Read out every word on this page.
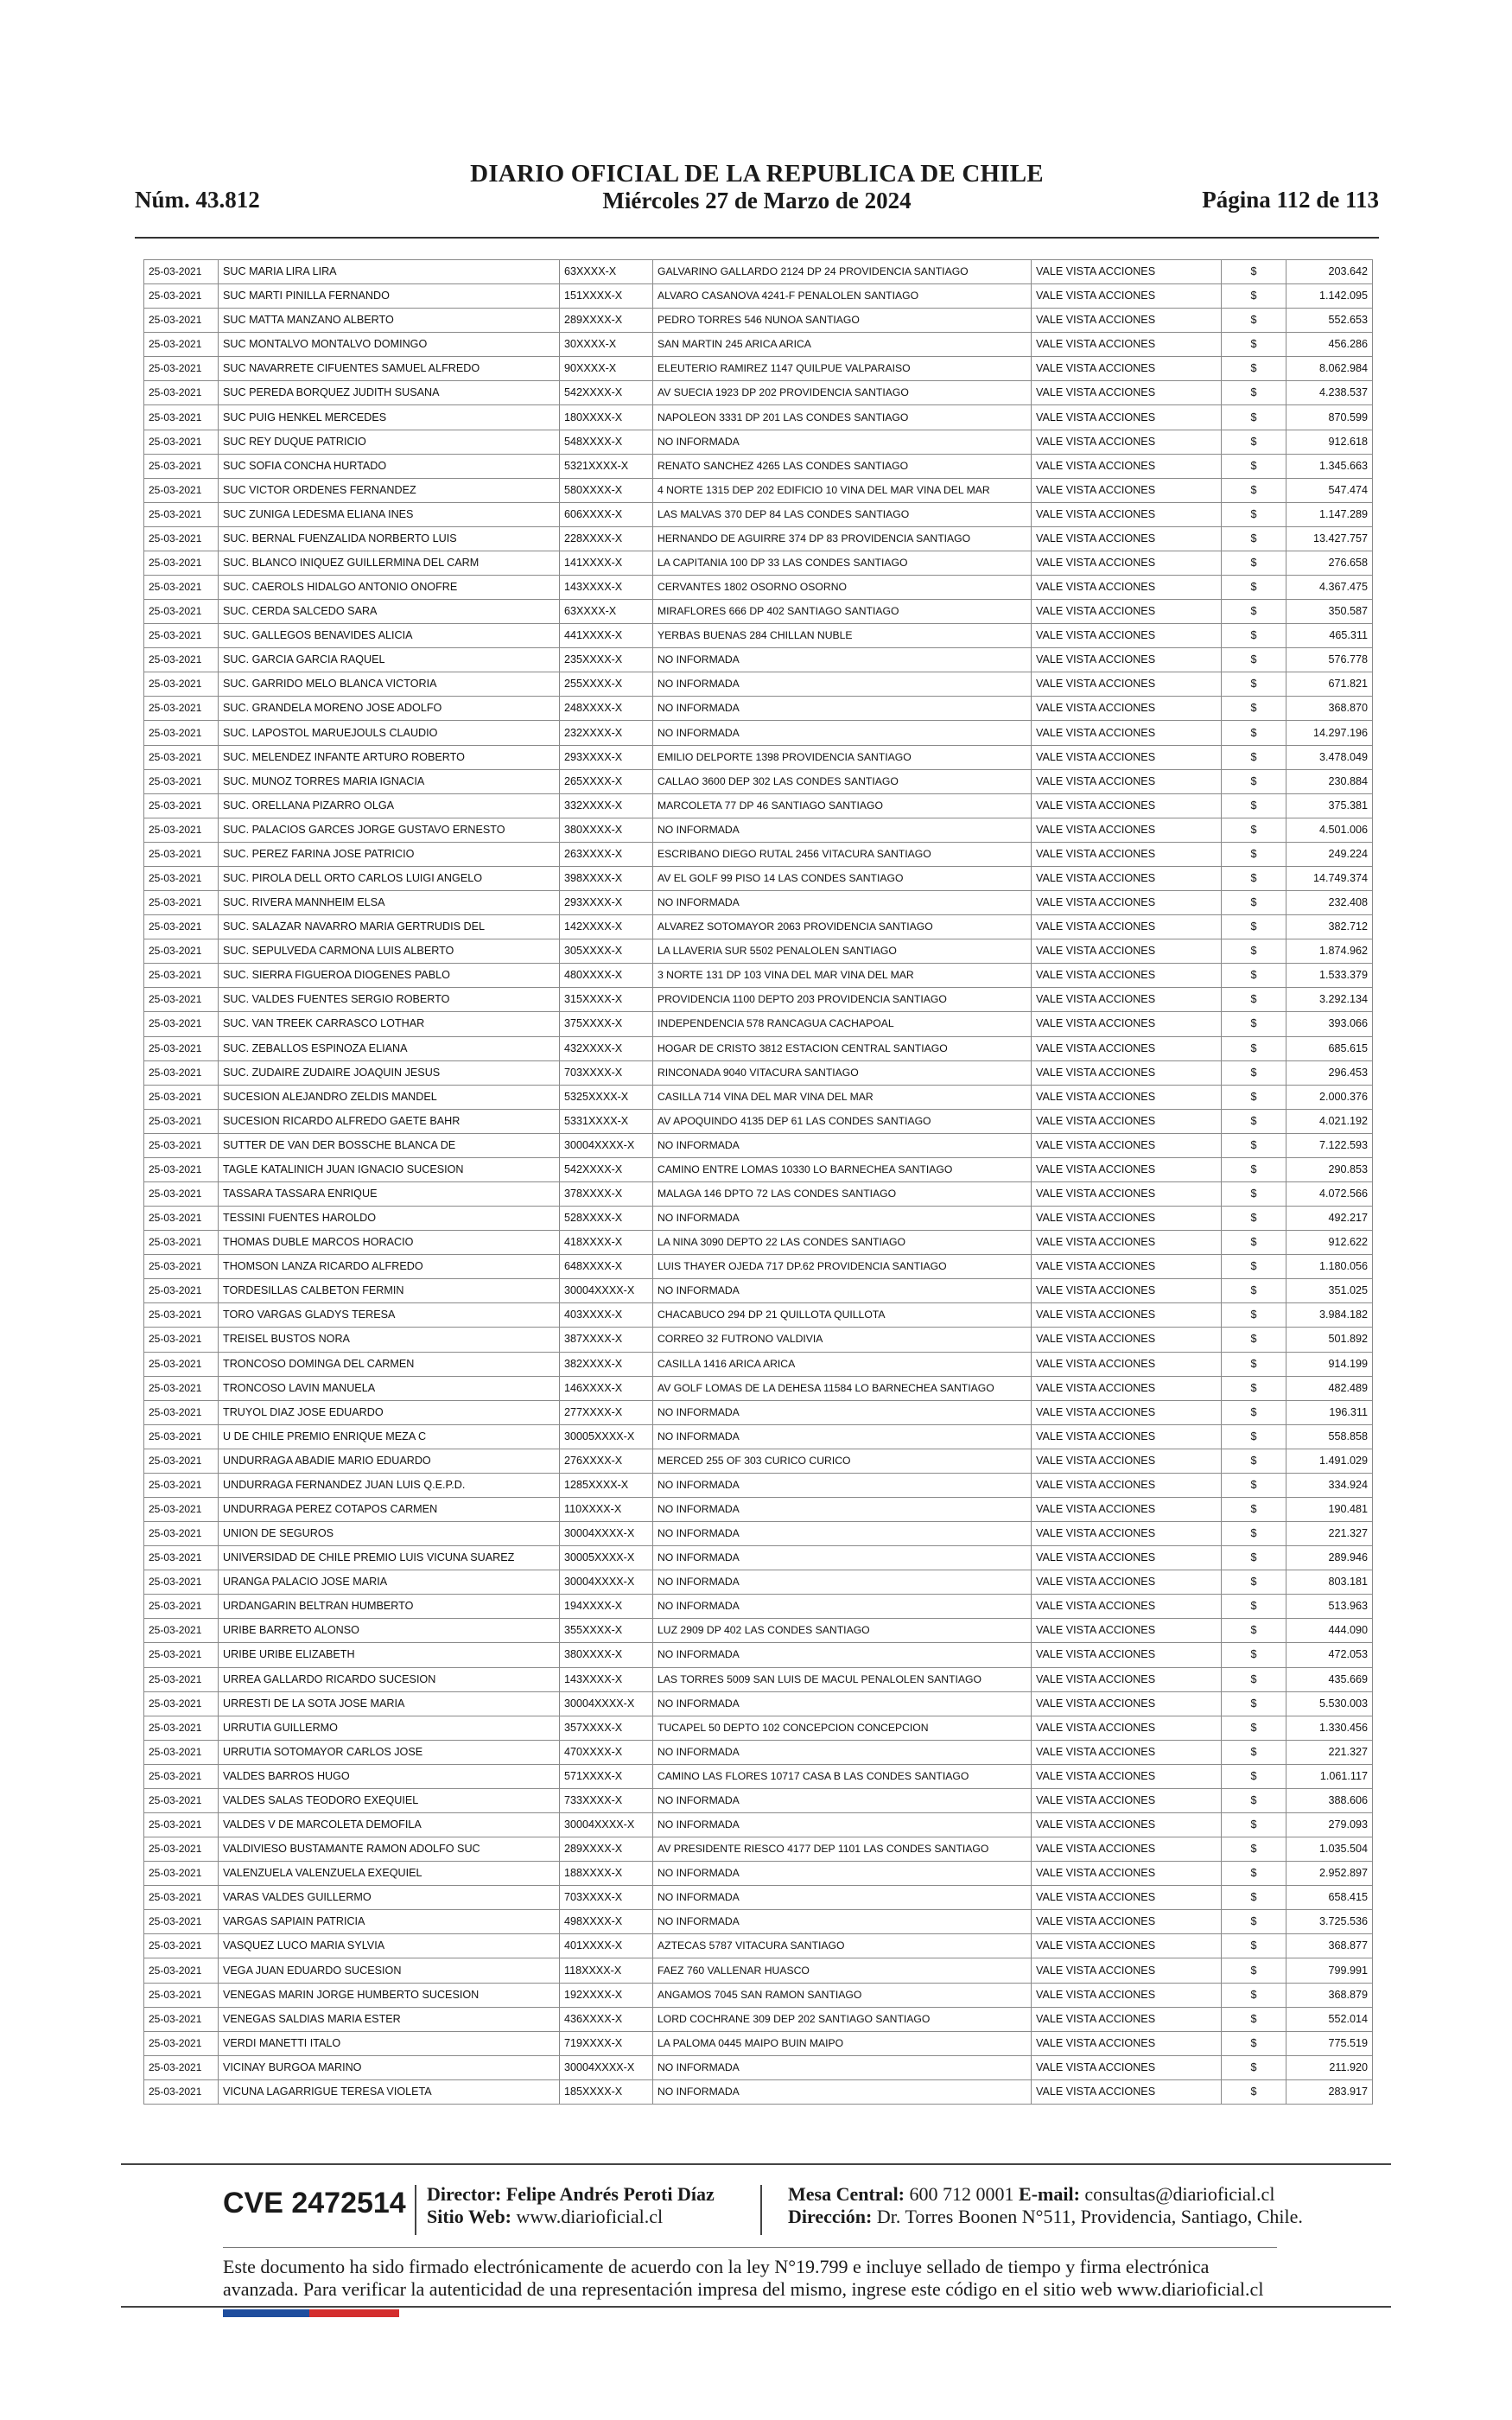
Núm. 43.812
DIARIO OFICIAL DE LA REPUBLICA DE CHILE
Miércoles 27 de Marzo de 2024	Página 112 de 113
25-03-2021	SUC MARIA LIRA LIRA	63XXXX-X	GALVARINO GALLARDO 2124 DP 24 PROVIDENCIA SANTIAGO	VALE VISTA ACCIONES	$	203.642
25-03-2021	SUC MARTI PINILLA FERNANDO	151XXXX-X	ALVARO CASANOVA 4241-F PENALOLEN SANTIAGO	VALE VISTA ACCIONES	$	1.142.095
25-03-2021	SUC MATTA MANZANO ALBERTO	289XXXX-X	PEDRO TORRES 546 NUNOA SANTIAGO	VALE VISTA ACCIONES	$	552.653
25-03-2021	SUC MONTALVO MONTALVO DOMINGO	30XXXX-X	SAN MARTIN 245 ARICA ARICA	VALE VISTA ACCIONES	$	456.286
25-03-2021	SUC NAVARRETE CIFUENTES SAMUEL ALFREDO	90XXXX-X	ELEUTERIO RAMIREZ 1147 QUILPUE VALPARAISO	VALE VISTA ACCIONES	$	8.062.984
25-03-2021	SUC PEREDA BORQUEZ JUDITH SUSANA	542XXXX-X	AV SUECIA 1923 DP 202 PROVIDENCIA SANTIAGO	VALE VISTA ACCIONES	$	4.238.537
25-03-2021	SUC PUIG HENKEL MERCEDES	180XXXX-X	NAPOLEON 3331 DP 201 LAS CONDES SANTIAGO	VALE VISTA ACCIONES	$	870.599
25-03-2021	SUC REY DUQUE PATRICIO	548XXXX-X	NO INFORMADA	VALE VISTA ACCIONES	$	912.618
25-03-2021	SUC SOFIA CONCHA HURTADO	5321XXXX-X	RENATO SANCHEZ 4265 LAS CONDES SANTIAGO	VALE VISTA ACCIONES	$	1.345.663
25-03-2021	SUC VICTOR ORDENES FERNANDEZ	580XXXX-X	4 NORTE 1315 DEP 202 EDIFICIO 10 VINA DEL MAR VINA DEL MAR	VALE VISTA ACCIONES	$	547.474
25-03-2021	SUC ZUNIGA LEDESMA ELIANA INES	606XXXX-X	LAS MALVAS 370 DEP 84 LAS CONDES SANTIAGO	VALE VISTA ACCIONES	$	1.147.289
25-03-2021	SUC. BERNAL FUENZALIDA NORBERTO LUIS	228XXXX-X	HERNANDO DE AGUIRRE 374 DP 83 PROVIDENCIA SANTIAGO	VALE VISTA ACCIONES	$	13.427.757
25-03-2021	SUC. BLANCO INIQUEZ GUILLERMINA DEL CARM	141XXXX-X	LA CAPITANIA 100 DP 33 LAS CONDES SANTIAGO	VALE VISTA ACCIONES	$	276.658
25-03-2021	SUC. CAEROLS HIDALGO ANTONIO ONOFRE	143XXXX-X	CERVANTES 1802 OSORNO OSORNO	VALE VISTA ACCIONES	$	4.367.475
25-03-2021	SUC. CERDA SALCEDO SARA	63XXXX-X	MIRAFLORES 666 DP 402 SANTIAGO SANTIAGO	VALE VISTA ACCIONES	$	350.587
25-03-2021	SUC. GALLEGOS BENAVIDES ALICIA	441XXXX-X	YERBAS BUENAS 284 CHILLAN NUBLE	VALE VISTA ACCIONES	$	465.311
25-03-2021	SUC. GARCIA GARCIA RAQUEL	235XXXX-X	NO INFORMADA	VALE VISTA ACCIONES	$	576.778
25-03-2021	SUC. GARRIDO MELO BLANCA VICTORIA	255XXXX-X	NO INFORMADA	VALE VISTA ACCIONES	$	671.821
25-03-2021	SUC. GRANDELA MORENO JOSE ADOLFO	248XXXX-X	NO INFORMADA	VALE VISTA ACCIONES	$	368.870
25-03-2021	SUC. LAPOSTOL MARUEJOULS CLAUDIO	232XXXX-X	NO INFORMADA	VALE VISTA ACCIONES	$	14.297.196
25-03-2021	SUC. MELENDEZ INFANTE ARTURO ROBERTO	293XXXX-X	EMILIO DELPORTE 1398 PROVIDENCIA SANTIAGO	VALE VISTA ACCIONES	$	3.478.049
25-03-2021	SUC. MUNOZ TORRES MARIA IGNACIA	265XXXX-X	CALLAO 3600 DEP 302 LAS CONDES SANTIAGO	VALE VISTA ACCIONES	$	230.884
25-03-2021	SUC. ORELLANA PIZARRO OLGA	332XXXX-X	MARCOLETA 77 DP 46 SANTIAGO SANTIAGO	VALE VISTA ACCIONES	$	375.381
25-03-2021	SUC. PALACIOS GARCES JORGE GUSTAVO ERNESTO	380XXXX-X	NO INFORMADA	VALE VISTA ACCIONES	$	4.501.006
25-03-2021	SUC. PEREZ FARINA JOSE PATRICIO	263XXXX-X	ESCRIBANO DIEGO RUTAL 2456 VITACURA SANTIAGO	VALE VISTA ACCIONES	$	249.224
25-03-2021	SUC. PIROLA DELL ORTO CARLOS LUIGI ANGELO	398XXXX-X	AV EL GOLF 99 PISO 14 LAS CONDES SANTIAGO	VALE VISTA ACCIONES	$	14.749.374
25-03-2021	SUC. RIVERA MANNHEIM ELSA	293XXXX-X	NO INFORMADA	VALE VISTA ACCIONES	$	232.408
25-03-2021	SUC. SALAZAR NAVARRO MARIA GERTRUDIS DEL	142XXXX-X	ALVAREZ SOTOMAYOR 2063 PROVIDENCIA SANTIAGO	VALE VISTA ACCIONES	$	382.712
25-03-2021	SUC. SEPULVEDA CARMONA LUIS ALBERTO	305XXXX-X	LA LLAVERIA SUR 5502 PENALOLEN SANTIAGO	VALE VISTA ACCIONES	$	1.874.962
25-03-2021	SUC. SIERRA FIGUEROA DIOGENES PABLO	480XXXX-X	3 NORTE 131 DP 103 VINA DEL MAR VINA DEL MAR	VALE VISTA ACCIONES	$	1.533.379
25-03-2021	SUC. VALDES FUENTES SERGIO ROBERTO	315XXXX-X	PROVIDENCIA 1100 DEPTO 203 PROVIDENCIA SANTIAGO	VALE VISTA ACCIONES	$	3.292.134
25-03-2021	SUC. VAN TREEK CARRASCO LOTHAR	375XXXX-X	INDEPENDENCIA 578 RANCAGUA CACHAPOAL	VALE VISTA ACCIONES	$	393.066
25-03-2021	SUC. ZEBALLOS ESPINOZA ELIANA	432XXXX-X	HOGAR DE CRISTO 3812 ESTACION CENTRAL SANTIAGO	VALE VISTA ACCIONES	$	685.615
25-03-2021	SUC. ZUDAIRE ZUDAIRE JOAQUIN JESUS	703XXXX-X	RINCONADA 9040 VITACURA SANTIAGO	VALE VISTA ACCIONES	$	296.453
25-03-2021	SUCESION ALEJANDRO ZELDIS MANDEL	5325XXXX-X	CASILLA 714 VINA DEL MAR VINA DEL MAR	VALE VISTA ACCIONES	$	2.000.376
25-03-2021	SUCESION RICARDO ALFREDO GAETE BAHR	5331XXXX-X	AV APOQUINDO 4135 DEP 61 LAS CONDES SANTIAGO	VALE VISTA ACCIONES	$	4.021.192
25-03-2021	SUTTER DE VAN DER BOSSCHE BLANCA DE	30004XXXX-X	NO INFORMADA	VALE VISTA ACCIONES	$	7.122.593
25-03-2021	TAGLE KATALINICH JUAN IGNACIO SUCESION	542XXXX-X	CAMINO ENTRE LOMAS 10330 LO BARNECHEA SANTIAGO	VALE VISTA ACCIONES	$	290.853
25-03-2021	TASSARA TASSARA ENRIQUE	378XXXX-X	MALAGA 146 DPTO 72 LAS CONDES SANTIAGO	VALE VISTA ACCIONES	$	4.072.566
25-03-2021	TESSINI FUENTES HAROLDO	528XXXX-X	NO INFORMADA	VALE VISTA ACCIONES	$	492.217
25-03-2021	THOMAS DUBLE MARCOS HORACIO	418XXXX-X	LA NINA 3090 DEPTO 22 LAS CONDES SANTIAGO	VALE VISTA ACCIONES	$	912.622
25-03-2021	THOMSON LANZA RICARDO ALFREDO	648XXXX-X	LUIS THAYER OJEDA 717 DP.62 PROVIDENCIA SANTIAGO	VALE VISTA ACCIONES	$	1.180.056
25-03-2021	TORDESILLAS CALBETON FERMIN	30004XXXX-X	NO INFORMADA	VALE VISTA ACCIONES	$	351.025
25-03-2021	TORO VARGAS GLADYS TERESA	403XXXX-X	CHACABUCO 294 DP 21 QUILLOTA QUILLOTA	VALE VISTA ACCIONES	$	3.984.182
25-03-2021	TREISEL BUSTOS NORA	387XXXX-X	CORREO 32 FUTRONO VALDIVIA	VALE VISTA ACCIONES	$	501.892
25-03-2021	TRONCOSO DOMINGA DEL CARMEN	382XXXX-X	CASILLA 1416 ARICA ARICA	VALE VISTA ACCIONES	$	914.199
25-03-2021	TRONCOSO LAVIN MANUELA	146XXXX-X	AV GOLF LOMAS DE LA DEHESA 11584 LO BARNECHEA SANTIAGO	VALE VISTA ACCIONES	$	482.489
25-03-2021	TRUYOL DIAZ JOSE EDUARDO	277XXXX-X	NO INFORMADA	VALE VISTA ACCIONES	$	196.311
25-03-2021	U DE CHILE PREMIO ENRIQUE MEZA C	30005XXXX-X	NO INFORMADA	VALE VISTA ACCIONES	$	558.858
25-03-2021	UNDURRAGA ABADIE MARIO EDUARDO	276XXXX-X	MERCED 255 OF 303 CURICO CURICO	VALE VISTA ACCIONES	$	1.491.029
25-03-2021	UNDURRAGA FERNANDEZ JUAN LUIS Q.E.P.D.	1285XXXX-X	NO INFORMADA	VALE VISTA ACCIONES	$	334.924
25-03-2021	UNDURRAGA PEREZ COTAPOS CARMEN	110XXXX-X	NO INFORMADA	VALE VISTA ACCIONES	$	190.481
25-03-2021	UNION DE SEGUROS	30004XXXX-X	NO INFORMADA	VALE VISTA ACCIONES	$	221.327
25-03-2021	UNIVERSIDAD DE CHILE PREMIO LUIS VICUNA SUAREZ	30005XXXX-X	NO INFORMADA	VALE VISTA ACCIONES	$	289.946
25-03-2021	URANGA PALACIO JOSE MARIA	30004XXXX-X	NO INFORMADA	VALE VISTA ACCIONES	$	803.181
25-03-2021	URDANGARIN BELTRAN HUMBERTO	194XXXX-X	NO INFORMADA	VALE VISTA ACCIONES	$	513.963
25-03-2021	URIBE BARRETO ALONSO	355XXXX-X	LUZ 2909 DP 402 LAS CONDES SANTIAGO	VALE VISTA ACCIONES	$	444.090
25-03-2021	URIBE URIBE ELIZABETH	380XXXX-X	NO INFORMADA	VALE VISTA ACCIONES	$	472.053
25-03-2021	URREA GALLARDO RICARDO SUCESION	143XXXX-X	LAS TORRES 5009 SAN LUIS DE MACUL PENALOLEN SANTIAGO	VALE VISTA ACCIONES	$	435.669
25-03-2021	URRESTI DE LA SOTA JOSE MARIA	30004XXXX-X	NO INFORMADA	VALE VISTA ACCIONES	$	5.530.003
25-03-2021	URRUTIA GUILLERMO	357XXXX-X	TUCAPEL 50 DEPTO 102 CONCEPCION CONCEPCION	VALE VISTA ACCIONES	$	1.330.456
25-03-2021	URRUTIA SOTOMAYOR CARLOS JOSE	470XXXX-X	NO INFORMADA	VALE VISTA ACCIONES	$	221.327
25-03-2021	VALDES BARROS HUGO	571XXXX-X	CAMINO LAS FLORES 10717 CASA B LAS CONDES SANTIAGO	VALE VISTA ACCIONES	$	1.061.117
25-03-2021	VALDES SALAS TEODORO EXEQUIEL	733XXXX-X	NO INFORMADA	VALE VISTA ACCIONES	$	388.606
25-03-2021	VALDES V DE MARCOLETA DEMOFILA	30004XXXX-X	NO INFORMADA	VALE VISTA ACCIONES	$	279.093
25-03-2021	VALDIVIESO BUSTAMANTE RAMON ADOLFO SUC	289XXXX-X	AV PRESIDENTE RIESCO 4177 DEP 1101 LAS CONDES SANTIAGO	VALE VISTA ACCIONES	$	1.035.504
25-03-2021	VALENZUELA VALENZUELA EXEQUIEL	188XXXX-X	NO INFORMADA	VALE VISTA ACCIONES	$	2.952.897
25-03-2021	VARAS VALDES GUILLERMO	703XXXX-X	NO INFORMADA	VALE VISTA ACCIONES	$	658.415
25-03-2021	VARGAS SAPIAIN PATRICIA	498XXXX-X	NO INFORMADA	VALE VISTA ACCIONES	$	3.725.536
25-03-2021	VASQUEZ LUCO MARIA SYLVIA	401XXXX-X	AZTECAS 5787 VITACURA SANTIAGO	VALE VISTA ACCIONES	$	368.877
25-03-2021	VEGA JUAN EDUARDO SUCESION	118XXXX-X	FAEZ 760 VALLENAR HUASCO	VALE VISTA ACCIONES	$	799.991
25-03-2021	VENEGAS MARIN JORGE HUMBERTO SUCESION	192XXXX-X	ANGAMOS 7045 SAN RAMON SANTIAGO	VALE VISTA ACCIONES	$	368.879
25-03-2021	VENEGAS SALDIAS MARIA ESTER	436XXXX-X	LORD COCHRANE 309 DEP 202 SANTIAGO SANTIAGO	VALE VISTA ACCIONES	$	552.014
25-03-2021	VERDI MANETTI ITALO	719XXXX-X	LA PALOMA 0445 MAIPO BUIN MAIPO	VALE VISTA ACCIONES	$	775.519
25-03-2021	VICINAY BURGOA MARINO	30004XXXX-X	NO INFORMADA	VALE VISTA ACCIONES	$	211.920
25-03-2021	VICUNA LAGARRIGUE TERESA VIOLETA	185XXXX-X	NO INFORMADA	VALE VISTA ACCIONES	$	283.917
CVE 2472514 Director: Felipe Andrés Peroti Díaz
Sitio Web: www.diarioficial.cl
Mesa Central: 600 712 0001 E-mail: consultas@diarioficial.cl
Dirección: Dr. Torres Boonen N°511, Providencia, Santiago, Chile.
Este documento ha sido firmado electrónicamente de acuerdo con la ley N°19.799 e incluye sellado de tiempo y firma electrónica
avanzada. Para verificar la autenticidad de una representación impresa del mismo, ingrese este código en el sitio web www.diarioficial.cl
